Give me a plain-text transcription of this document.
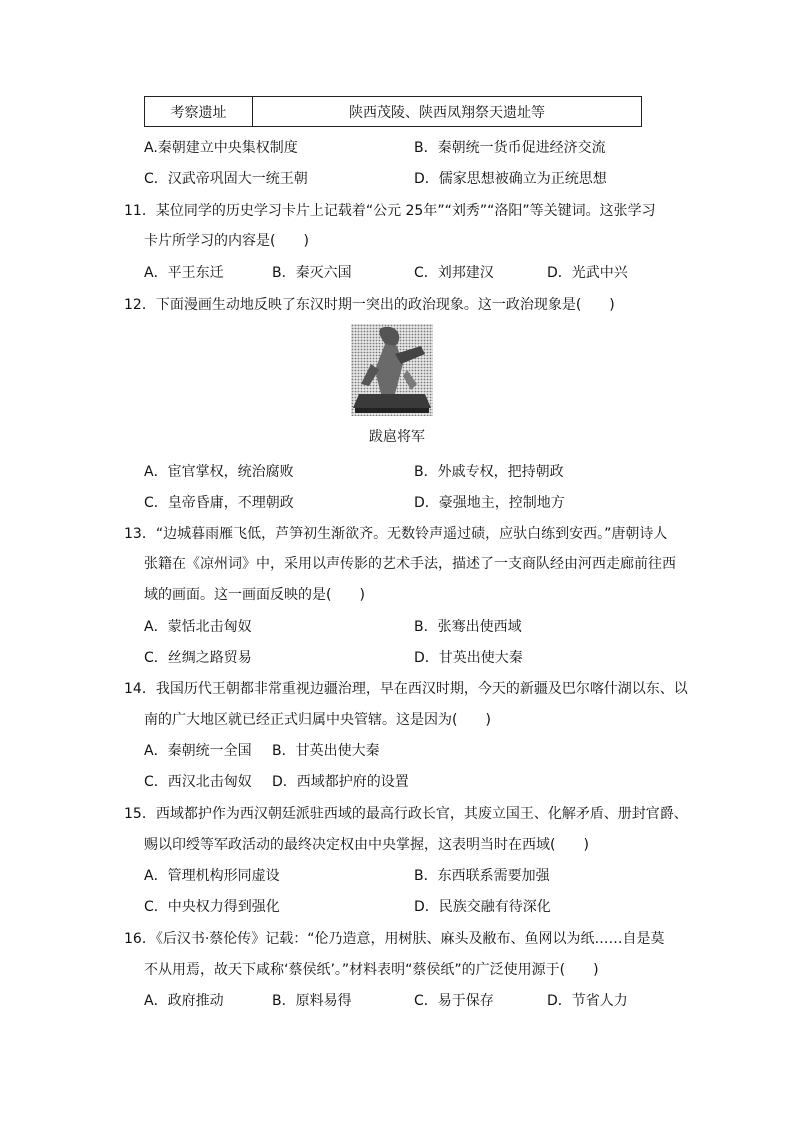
考察遗址	陕西茂陵、陕西凤翔祭天遗址等
A.秦朝建立中央集权制度	B．秦朝统一货币促进经济交流
C．汉武帝巩固大一统王朝	D．儒家思想被确立为正统思想
11．某位同学的历史学习卡片上记载着“公元 25年”“刘秀”“洛阳”等关键词。这张学习
卡片所学习的内容是(　　)
A．平王东迁	B．秦灭六国	C．刘邦建汉	D．光武中兴
12．下面漫画生动地反映了东汉时期一突出的政治现象。这一政治现象是(　　)
跋扈将军
A．宦官掌权，统治腐败	B．外戚专权，把持朝政
C．皇帝昏庸，不理朝政	D．豪强地主，控制地方
13．“边城暮雨雁飞低，芦笋初生渐欲齐。无数铃声遥过碛，应驮白练到安西。”唐朝诗人
张籍在《凉州词》中，采用以声传影的艺术手法，描述了一支商队经由河西走廊前往西
域的画面。这一画面反映的是(　　)
A．蒙恬北击匈奴	B．张骞出使西域
C．丝绸之路贸易	D．甘英出使大秦
14．我国历代王朝都非常重视边疆治理，早在西汉时期，今天的新疆及巴尔喀什湖以东、以
南的广大地区就已经正式归属中央管辖。这是因为(　　)
A．秦朝统一全国 B．甘英出使大秦
C．西汉北击匈奴 D．西域都护府的设置
15．西域都护作为西汉朝廷派驻西域的最高行政长官，其废立国王、化解矛盾、册封官爵、
赐以印绶等军政活动的最终决定权由中央掌握，这表明当时在西域(　　)
A．管理机构形同虚设	B．东西联系需要加强
C．中央权力得到强化	D．民族交融有待深化
16．《后汉书·蔡伦传》记载：“伦乃造意，用树肤、麻头及敝布、鱼网以为纸……自是莫
不从用焉，故天下咸称‘蔡侯纸’。”材料表明“蔡侯纸”的广泛使用源于(　　)
A．政府推动	B．原料易得	C．易于保存	D．节省人力
